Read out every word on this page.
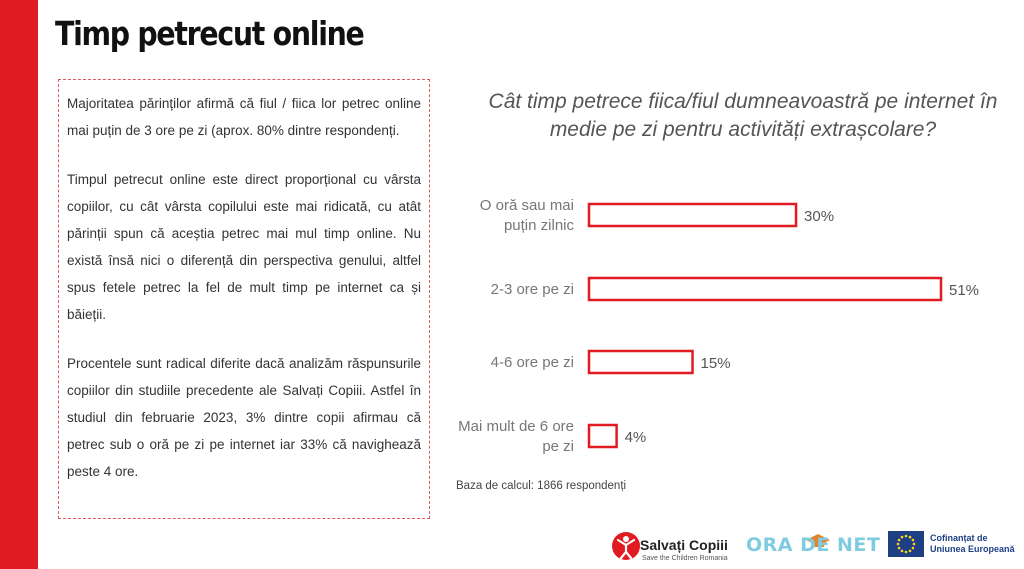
Timp petrecut online

Majoritatea părinților afirmă că fiul / fiica lor petrec online mai puțin de 3 ore pe zi (aprox. 80% dintre respondenți.

Timpul petrecut online este direct proporțional cu vârsta copiilor, cu cât vârsta copilului este mai ridicată, cu atât părinții spun că aceștia petrec mai mul timp online. Nu există însă nici o diferență din perspectiva genului, altfel spus fetele petrec la fel de mult timp pe internet ca și băieții.

Procentele sunt radical diferite dacă analizăm răspunsurile copiilor din studiile precedente ale Salvați Copiii. Astfel în studiul din februarie 2023, 3% dintre copii afirmau că petrec sub o oră pe zi pe internet iar 33% că navighează peste 4 ore.

Cât timp petrece fiica/fiul dumneavoastră pe internet în medie pe zi pentru activități extrașcolare?

30%
O oră sau mai puțin zilnic
51%
2-3 ore pe zi
15%
4-6 ore pe zi
4%
Mai mult de 6 ore pe zi
Baza de calcul: 1866 respondenți
Salvați Copiii
Save the Children Romania
ORA DE NET	Cofinanțat de
Uniunea Europeană
